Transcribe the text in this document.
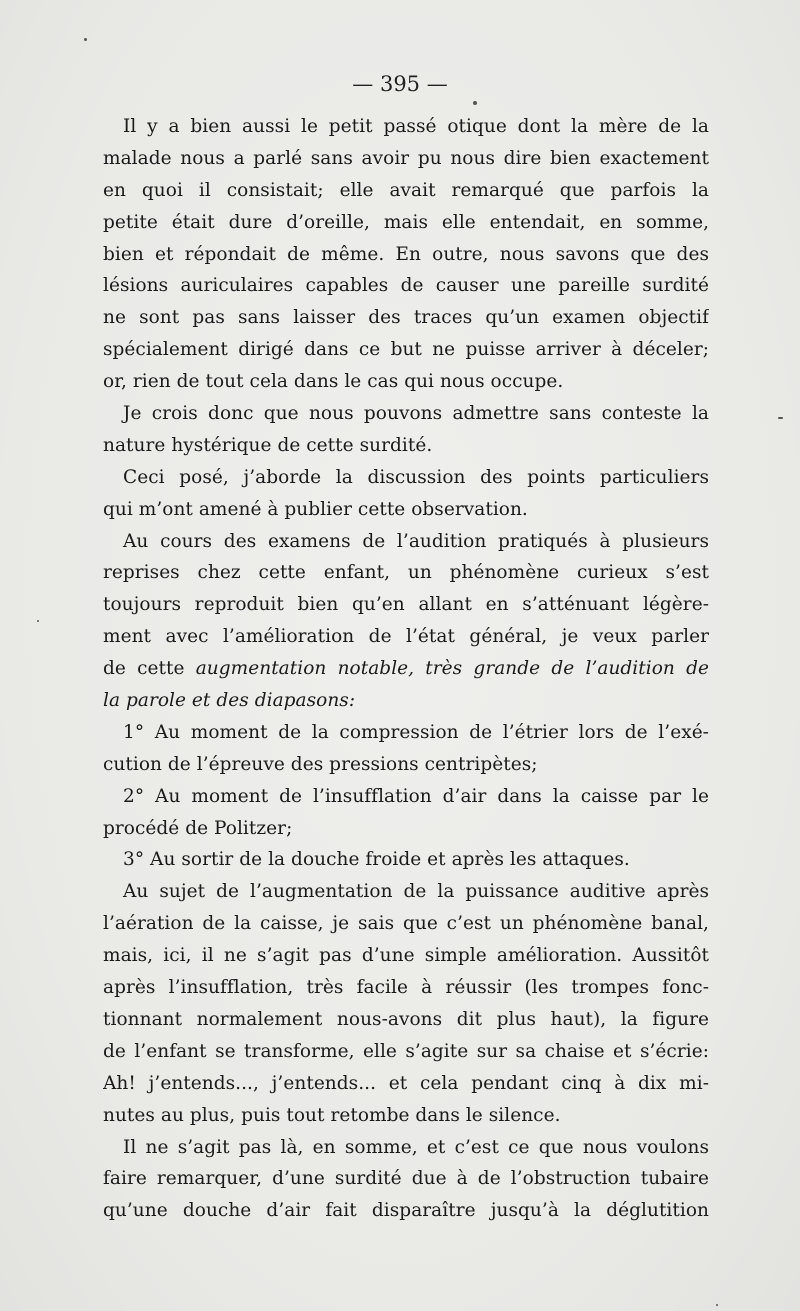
— 395 —
Il y a bien aussi le petit passé otique dont la mère de la
malade nous a parlé sans avoir pu nous dire bien exactement
en quoi il consistait; elle avait remarqué que parfois la
petite était dure d’oreille, mais elle entendait, en somme,
bien et répondait de même. En outre, nous savons que des
lésions auriculaires capables de causer une pareille surdité
ne sont pas sans laisser des traces qu’un examen objectif
spécialement dirigé dans ce but ne puisse arriver à déceler;
or, rien de tout cela dans le cas qui nous occupe.
Je crois donc que nous pouvons admettre sans conteste la
nature hystérique de cette surdité.
Ceci posé, j’aborde la discussion des points particuliers
qui m’ont amené à publier cette observation.
Au cours des examens de l’audition pratiqués à plusieurs
reprises chez cette enfant, un phénomène curieux s’est
toujours reproduit bien qu’en allant en s’atténuant légère-
ment avec l’amélioration de l’état général, je veux parler
de cette augmentation notable, très grande de l’audition de
la parole et des diapasons:
1° Au moment de la compression de l’étrier lors de l’exé-
cution de l’épreuve des pressions centripètes;
2° Au moment de l’insufflation d’air dans la caisse par le
procédé de Politzer;
3° Au sortir de la douche froide et après les attaques.
Au sujet de l’augmentation de la puissance auditive après
l’aération de la caisse, je sais que c’est un phénomène banal,
mais, ici, il ne s’agit pas d’une simple amélioration. Aussitôt
après l’insufflation, très facile à réussir (les trompes fonc-
tionnant normalement nous-avons dit plus haut), la figure
de l’enfant se transforme, elle s’agite sur sa chaise et s’écrie:
Ah! j’entends..., j’entends... et cela pendant cinq à dix mi-
nutes au plus, puis tout retombe dans le silence.
Il ne s’agit pas là, en somme, et c’est ce que nous voulons
faire remarquer, d’une surdité due à de l’obstruction tubaire
qu’une douche d’air fait disparaître jusqu’à la déglutition
